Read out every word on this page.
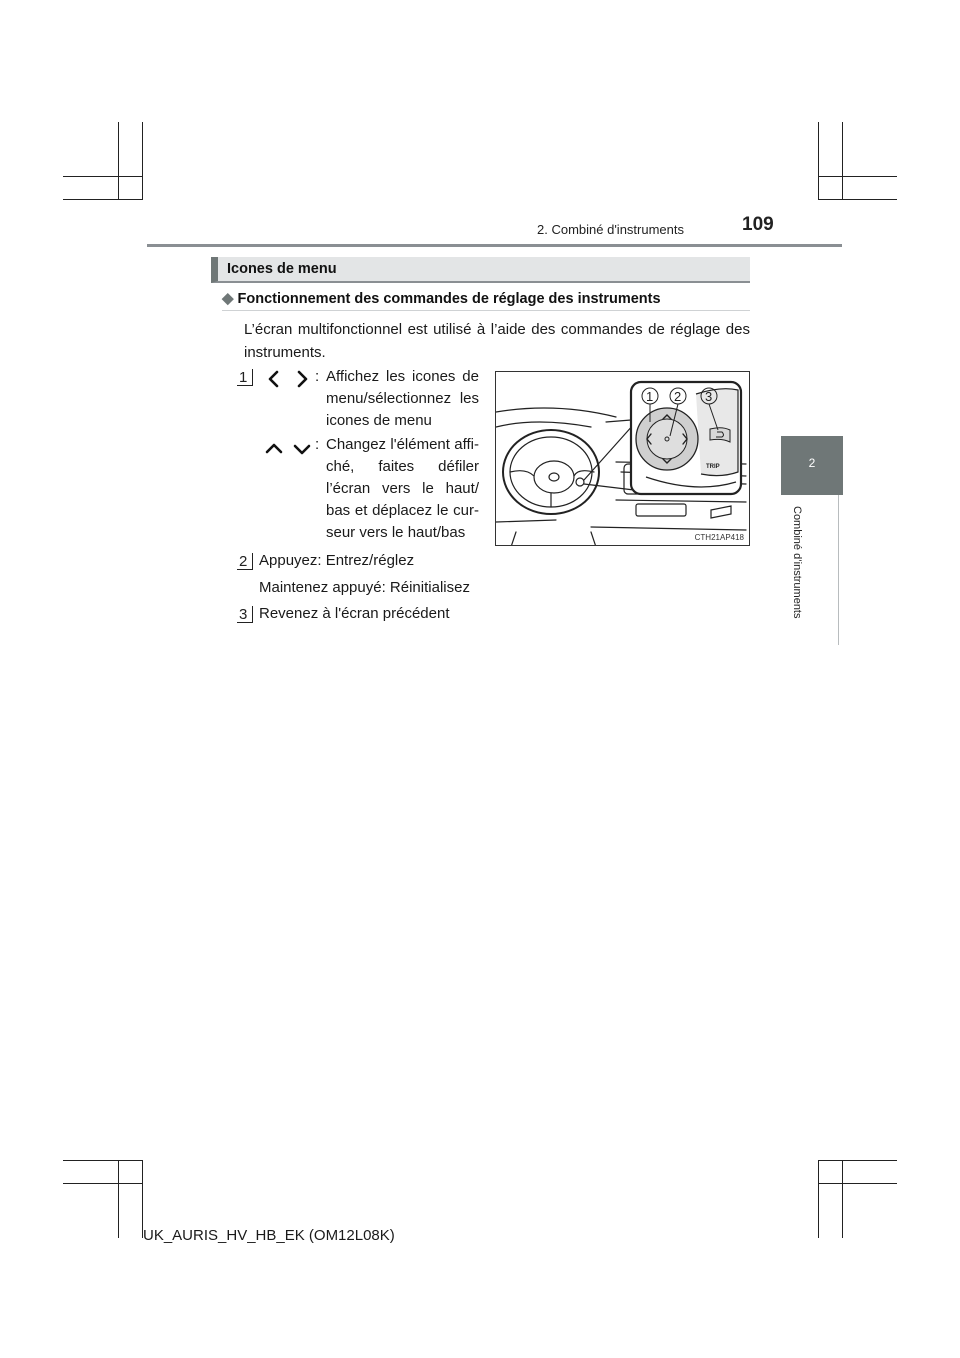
2. Combiné d'instruments	109
2
Combiné d’instruments
Icones de menu
◆ Fonctionnement des commandes de réglage des instruments
L’écran multifonctionnel est utilisé à l’aide des commandes de réglage des instruments.
1	: Affichez les icones de menu/sélectionnez les icones de menu
: Changez l'élément affi- ché, faites défiler l’écran vers le haut/ bas et déplacez le cur- seur vers le haut/bas
2 Appuyez: Entrez/réglez
Maintenez appuyé: Réinitialisez
3 Revenez à l'écran précédent
TRIP
1 2 3
CTH21AP418
UK_AURIS_HV_HB_EK (OM12L08K)
